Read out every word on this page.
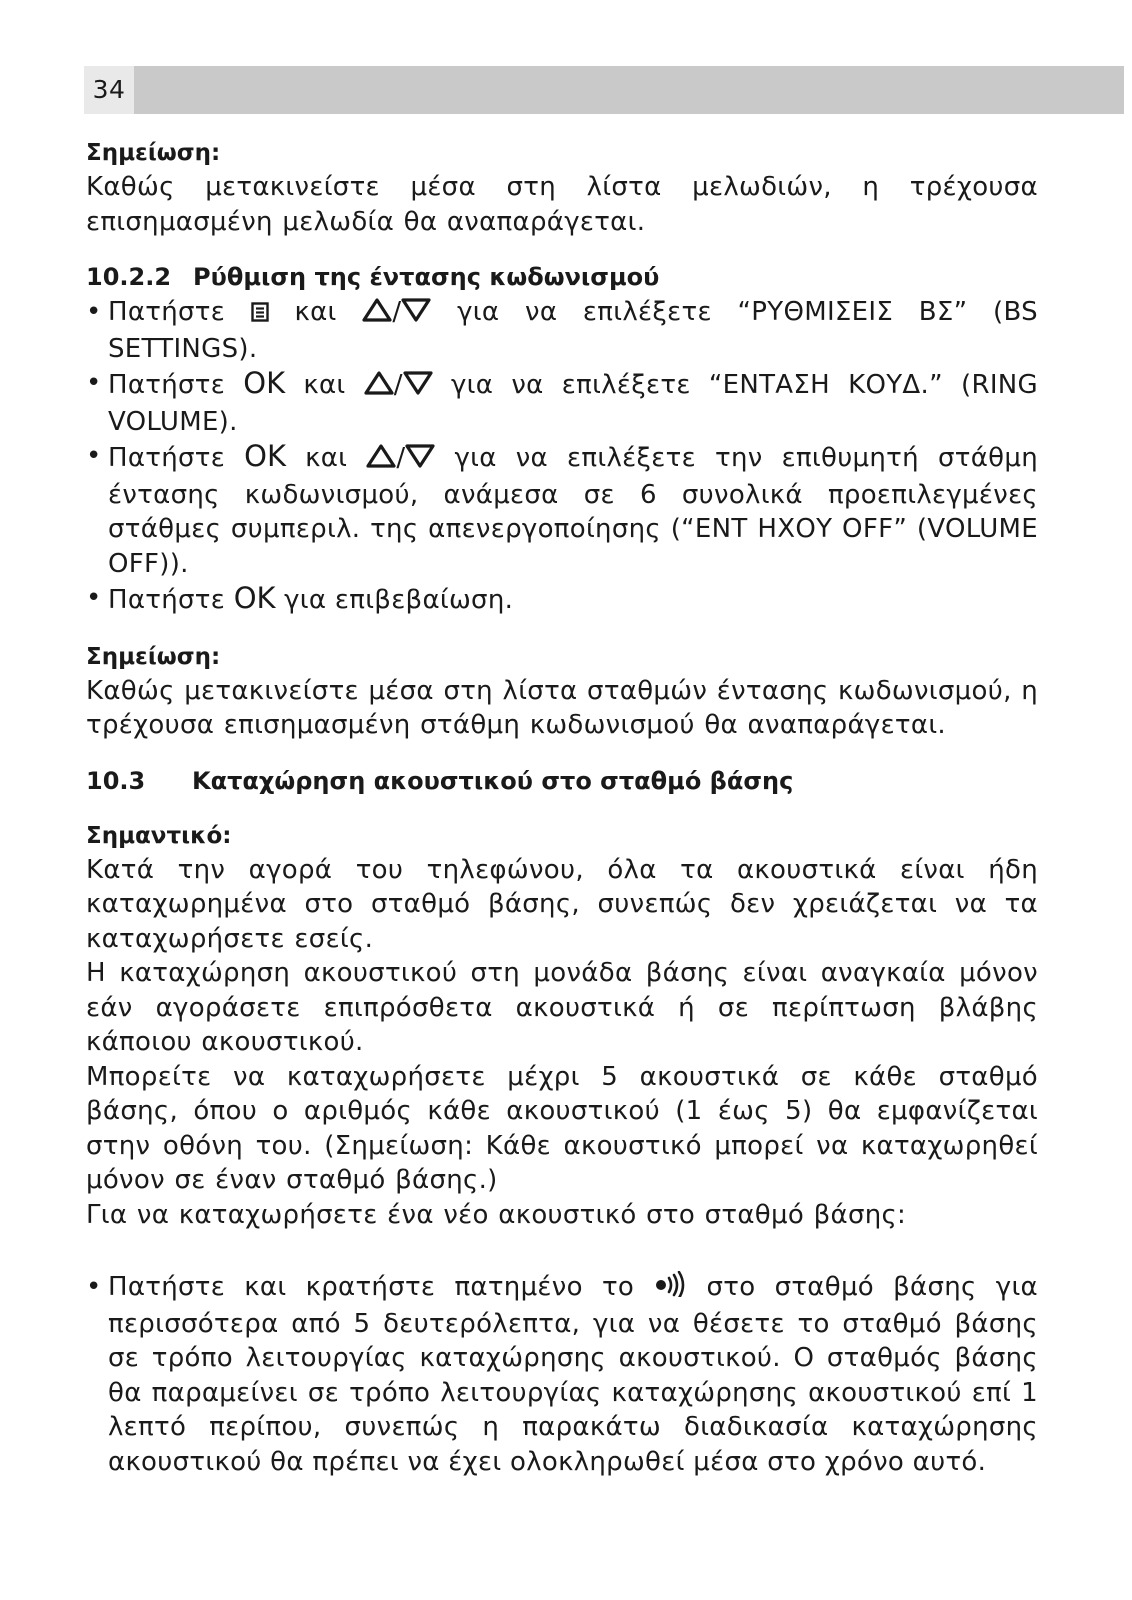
34
Σημείωση:
Καθώς μετακινείστε μέσα στη λίστα μελωδιών, η τρέχουσα επισημασμένη μελωδία θα αναπαράγεται.
10.2.2 Ρύθμιση της έντασης κωδωνισμού
• Πατήστε	και / για να επιλέξετε “ΡΥΘΜΙΣΕΙΣ ΒΣ” (BS SETTINGS).
• Πατήστε OK και / για να επιλέξετε “ΕΝΤΑΣΗ ΚΟΥΔ.” (RING VOLUME).
• Πατήστε OK και / για να επιλέξετε την επιθυμητή στάθμη έντασης κωδωνισμού, ανάμεσα σε 6 συνολικά προεπιλεγμένες στάθμες συμπεριλ. της απενεργοποίησης (“ΕΝΤ ΗΧΟΥ OFF” (VOLUME OFF)).
• Πατήστε OK για επιβεβαίωση.
Σημείωση:
Καθώς μετακινείστε μέσα στη λίστα σταθμών έντασης κωδωνισμού, η τρέχουσα επισημασμένη στάθμη κωδωνισμού θα αναπαράγεται.
10.3 Καταχώρηση ακουστικού στο σταθμό βάσης
Σημαντικό:
Κατά την αγορά του τηλεφώνου, όλα τα ακουστικά είναι ήδη καταχωρημένα στο σταθμό βάσης, συνεπώς δεν χρειάζεται να τα καταχωρήσετε εσείς.
Η καταχώρηση ακουστικού στη μονάδα βάσης είναι αναγκαία μόνον εάν αγοράσετε επιπρόσθετα ακουστικά ή σε περίπτωση βλάβης κάποιου ακουστικού.
Μπορείτε να καταχωρήσετε μέχρι 5 ακουστικά σε κάθε σταθμό βάσης, όπου ο αριθμός κάθε ακουστικού (1 έως 5) θα εμφανίζεται στην οθόνη του. (Σημείωση: Κάθε ακουστικό μπορεί να καταχωρηθεί μόνον σε έναν σταθμό βάσης.)
Για να καταχωρήσετε ένα νέο ακουστικό στο σταθμό βάσης:
• Πατήστε και κρατήστε πατημένο το	στο σταθμό βάσης για περισσότερα από 5 δευτερόλεπτα, για να θέσετε το σταθμό βάσης σε τρόπο λειτουργίας καταχώρησης ακουστικού. Ο σταθμός βάσης θα παραμείνει σε τρόπο λειτουργίας καταχώρησης ακουστικού επί 1 λεπτό περίπου, συνεπώς η παρακάτω διαδικασία καταχώρησης ακουστικού θα πρέπει να έχει ολοκληρωθεί μέσα στο χρόνο αυτό.
